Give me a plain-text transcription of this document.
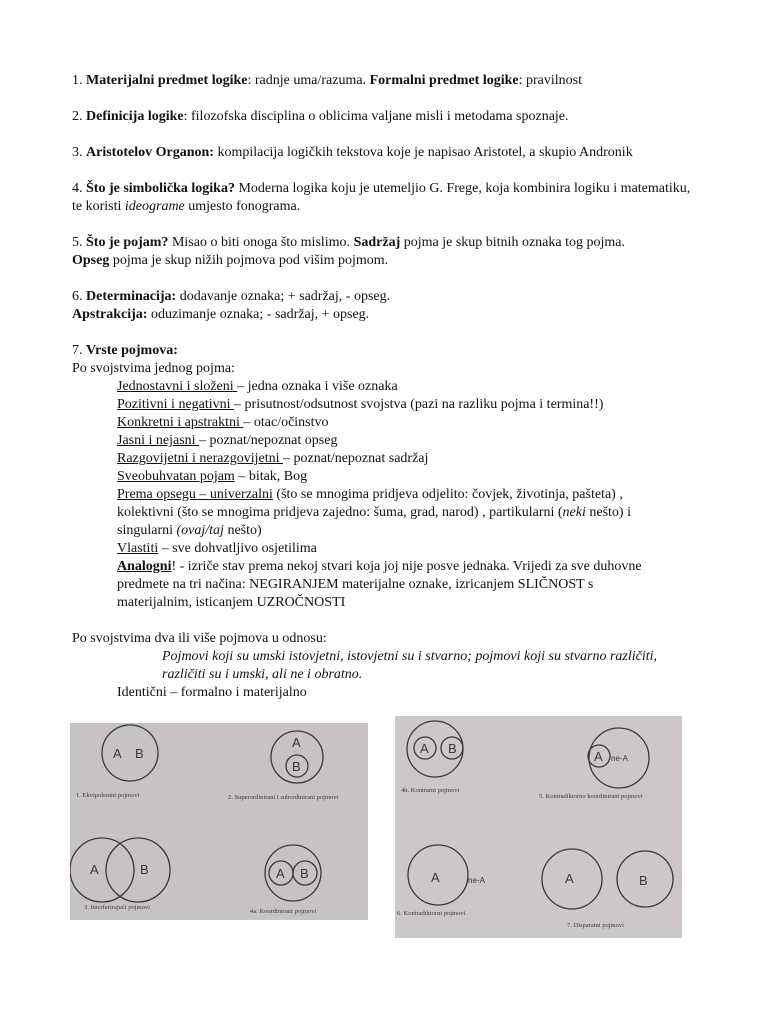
1. Materijalni predmet logike: radnje uma/razuma. Formalni predmet logike: pravilnost

2. Definicija logike: filozofska disciplina o oblicima valjane misli i metodama spoznaje.

3. Aristotelov Organon: kompilacija logičkih tekstova koje je napisao Aristotel, a skupio Andronik

4. Što je simbolička logika? Moderna logika koju je utemeljio G. Frege, koja kombinira logiku i matematiku, te koristi ideograme umjesto fonograma.

5. Što je pojam? Misao o biti onoga što mislimo. Sadržaj pojma je skup bitnih oznaka tog pojma.

Opseg pojma je skup nižih pojmova pod višim pojmom.

6. Determinacija: dodavanje oznaka; + sadržaj, - opseg.

Apstrakcija: oduzimanje oznaka; - sadržaj, + opseg.

7. Vrste pojmova:

Po svojstvima jednog pojma:

Jednostavni i složeni – jedna oznaka i više oznaka

Pozitivni i negativni – prisutnost/odsutnost svojstva (pazi na razliku pojma i termina!!)

Konkretni i apstraktni – otac/očinstvo

Jasni i nejasni – poznat/nepoznat opseg

Razgovijetni i nerazgovijetni – poznat/nepoznat sadržaj

Sveobuhvatan pojam – bitak, Bog

Prema opsegu – univerzalni (što se mnogima pridjeva odjelito: čovjek, životinja, pašteta) ,

kolektivni (što se mnogima pridjeva zajedno: šuma, grad, narod) , partikularni (neki nešto) i

singularni (ovaj/taj nešto)

Vlastiti – sve dohvatljivo osjetilima

Analogni! - izriče stav prema nekoj stvari koja joj nije posve jednaka. Vrijedi za sve duhovne

predmete na tri načina: NEGIRANJEM materijalne oznake, izricanjem SLIČNOST s

materijalnim, isticanjem UZROČNOSTI

Po svojstvima dva ili više pojmova u odnosu:

Pojmovi koji su umski istovjetni, istovjetni su i stvarno; pojmovi koji su stvarno različiti,

različiti su i umski, ali ne i obratno.

Identični – formalno i materijalno

A B
A
B
A	B	A B
1. Ekvipolentni pojmovi	2. Superordinirani i subordinirani pojmovi
3. Interferirajući pojmovi
4a. Koordinirani pojmovi
A B
A
A	A	B
ne-A
ne-A
4b. Kontrarni pojmovi
5. Kontradiktorno koordinirani pojmovi
6. Kontradiktorni pojmovi
7. Disparatni pojmovi
